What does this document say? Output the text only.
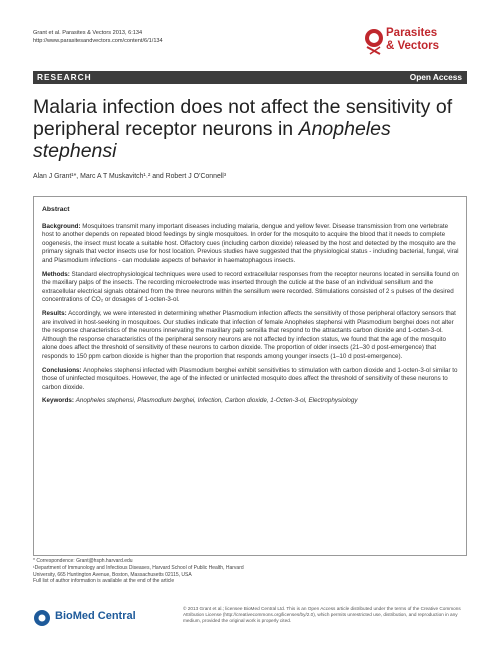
Grant et al. Parasites & Vectors 2013, 6:134
http://www.parasitesandvectors.com/content/6/1/134
Parasites
& Vectors
RESEARCH	Open Access
Malaria infection does not affect the sensitivity of peripheral receptor neurons in Anopheles stephensi
Alan J Grant¹*, Marc A T Muskavitch¹˒² and Robert J O’Connell³
Abstract

Background: Mosquitoes transmit many important diseases including malaria, dengue and yellow fever. Disease transmission from one vertebrate host to another depends on repeated blood feedings by single mosquitoes. In order for the mosquito to acquire the blood that it needs to complete oogenesis, the insect must locate a suitable host. Olfactory cues (including carbon dioxide) released by the host and detected by the mosquito are the primary signals that vector insects use for host location. Previous studies have suggested that the physiological status - including bacterial, fungal, viral and Plasmodium infections - can modulate aspects of behavior in haematophagous insects.

Methods: Standard electrophysiological techniques were used to record extracellular responses from the receptor neurons located in sensilla found on the maxillary palps of the insects. The recording microelectrode was inserted through the cuticle at the base of an individual sensillum and the extracellular electrical signals obtained from the three neurons within the sensillum were recorded. Stimulations consisted of 2 s pulses of the desired concentrations of CO₂ or dosages of 1-octen-3-ol.

Results: Accordingly, we were interested in determining whether Plasmodium infection affects the sensitivity of those peripheral olfactory sensors that are involved in host-seeking in mosquitoes. Our studies indicate that infection of female Anopheles stephensi with Plasmodium berghei does not alter the response characteristics of the neurons innervating the maxillary palp sensilla that respond to the attractants carbon dioxide and 1-octen-3-ol. Although the response characteristics of the peripheral sensory neurons are not affected by infection status, we found that the age of the mosquito alone does affect the threshold of sensitivity of these neurons to carbon dioxide. The proportion of older insects (21–30 d post-emergence) that responds to 150 ppm carbon dioxide is higher than the proportion that responds among younger insects (1–10 d post-emergence).

Conclusions: Anopheles stephensi infected with Plasmodium berghei exhibit sensitivities to stimulation with carbon dioxide and 1-octen-3-ol similar to those of uninfected mosquitoes. However, the age of the infected or uninfected mosquito does affect the threshold of sensitivity of these neurons to carbon dioxide.

Keywords: Anopheles stephensi, Plasmodium berghei, Infection, Carbon dioxide, 1-Octen-3-ol, Electrophysiology

* Correspondence: Grant@hsph.harvard.edu
¹Department of Immunology and Infectious Diseases, Harvard School of Public Health, Harvard University, 665 Huntington Avenue, Boston, Massachusetts 02115, USA
Full list of author information is available at the end of the article
BioMed Central
© 2013 Grant et al.; licensee BioMed Central Ltd. This is an Open Access article distributed under the terms of the Creative Commons Attribution License (http://creativecommons.org/licenses/by/2.0), which permits unrestricted use, distribution, and reproduction in any medium, provided the original work is properly cited.
